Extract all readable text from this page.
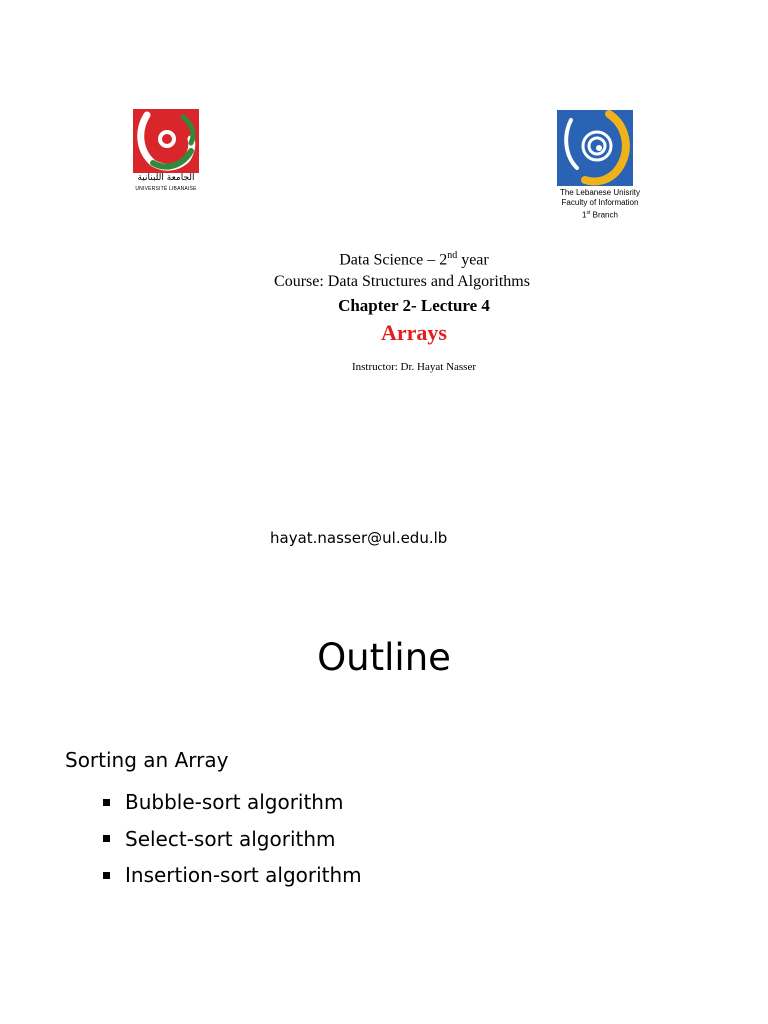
الجامعة اللبنانية
UNIVERSITÉ LIBANAISE	The Lebanese Unisrity
Faculty of Information
1st Branch
Data Science – 2nd year
Course: Data Structures and Algorithms
Chapter 2- Lecture 4
Arrays
Instructor: Dr. Hayat Nasser
hayat.nasser@ul.edu.lb
Outline
Sorting an Array
Bubble-sort algorithm
Select-sort algorithm
Insertion-sort algorithm
